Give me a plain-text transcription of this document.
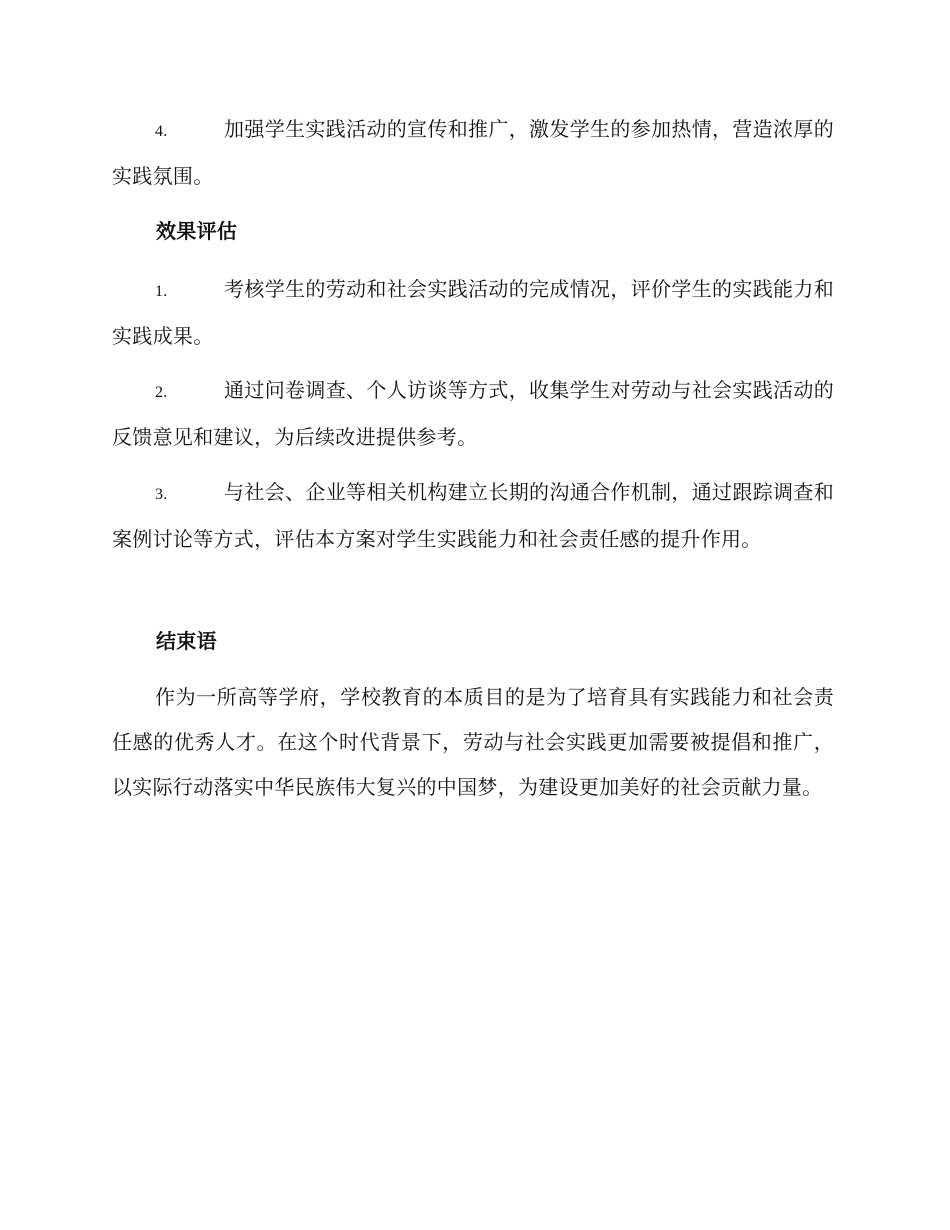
4.	加强学生实践活动的宣传和推广，激发学生的参加热情，营造浓厚的实践氛围。

效果评估

1.	考核学生的劳动和社会实践活动的完成情况，评价学生的实践能力和实践成果。

2.	通过问卷调查、个人访谈等方式，收集学生对劳动与社会实践活动的反馈意见和建议，为后续改进提供参考。

3.	与社会、企业等相关机构建立长期的沟通合作机制，通过跟踪调查和案例讨论等方式，评估本方案对学生实践能力和社会责任感的提升作用。

结束语

作为一所高等学府，学校教育的本质目的是为了培育具有实践能力和社会责任感的优秀人才。在这个时代背景下，劳动与社会实践更加需要被提倡和推广，以实际行动落实中华民族伟大复兴的中国梦，为建设更加美好的社会贡献力量。
